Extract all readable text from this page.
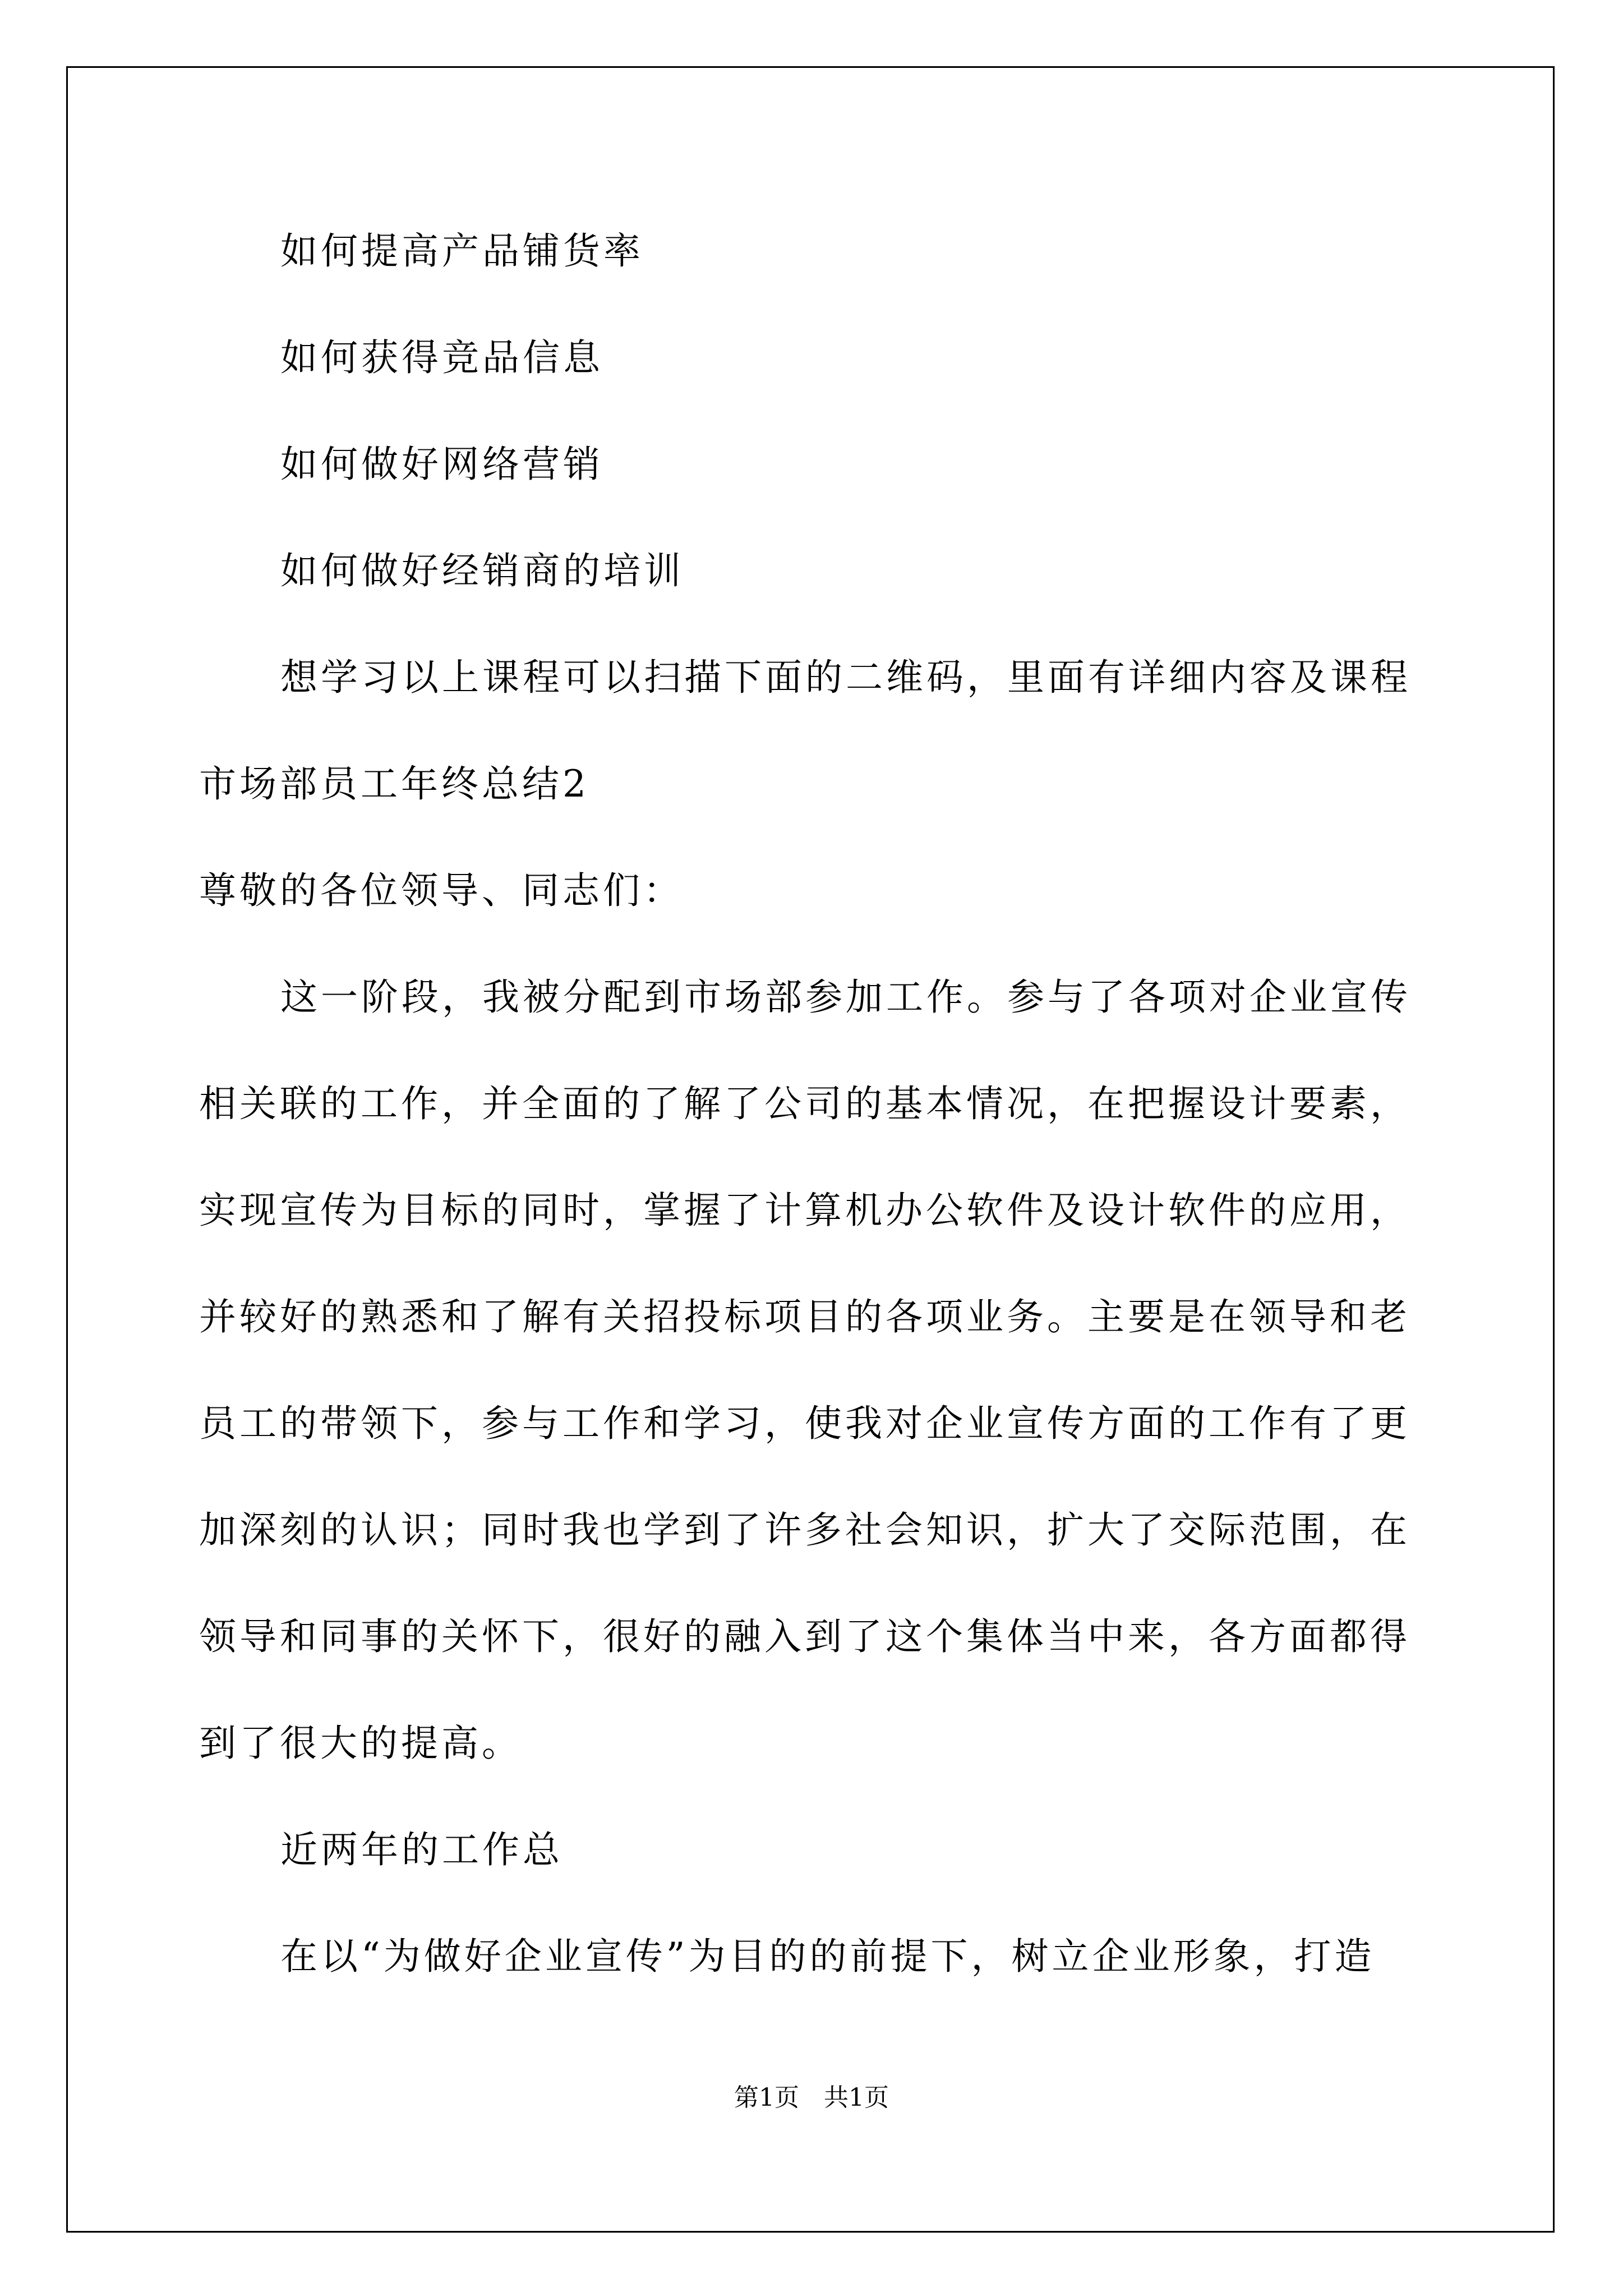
如何提高产品铺货率
如何获得竞品信息
如何做好网络营销
如何做好经销商的培训
想学习以上课程可以扫描下面的二维码，里面有详细内容及课程
市场部员工年终总结2
尊敬的各位领导、同志们：
这一阶段，我被分配到市场部参加工作。参与了各项对企业宣传
相关联的工作，并全面的了解了公司的基本情况，在把握设计要素，
实现宣传为目标的同时，掌握了计算机办公软件及设计软件的应用，
并较好的熟悉和了解有关招投标项目的各项业务。主要是在领导和老
员工的带领下，参与工作和学习，使我对企业宣传方面的工作有了更
加深刻的认识；同时我也学到了许多社会知识，扩大了交际范围，在
领导和同事的关怀下，很好的融入到了这个集体当中来，各方面都得
到了很大的提高。
近两年的工作总
在以“为做好企业宣传”为目的的前提下，树立企业形象，打造
第1页　共1页
